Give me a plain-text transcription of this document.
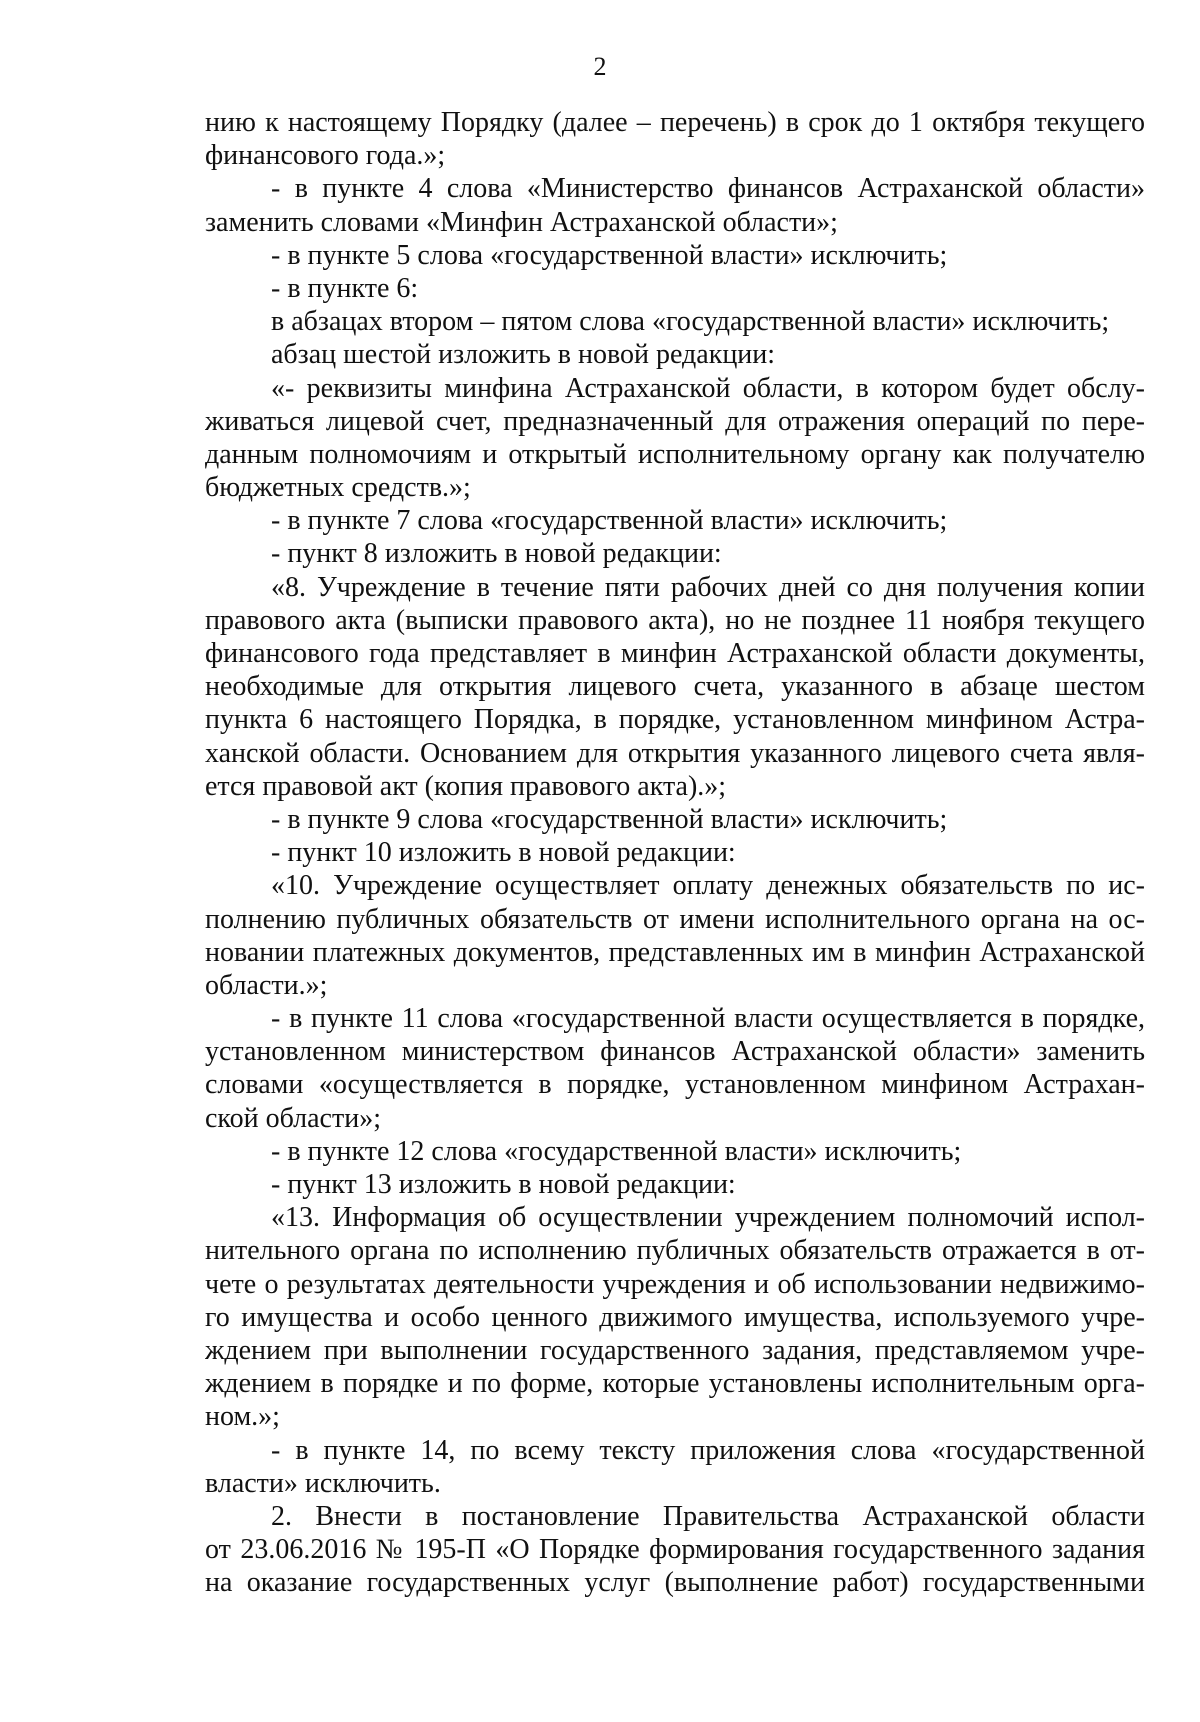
2
нию к настоящему Порядку (далее – перечень) в срок до 1 октября текущего
финансового года.»;
- в пункте 4 слова «Министерство финансов Астраханской области»
заменить словами «Минфин Астраханской области»;
- в пункте 5 слова «государственной власти» исключить;
- в пункте 6:
в абзацах втором – пятом слова «государственной власти» исключить;
абзац шестой изложить в новой редакции:
«- реквизиты минфина Астраханской области, в котором будет обслу-
живаться лицевой счет, предназначенный для отражения операций по пере-
данным полномочиям и открытый исполнительному органу как получателю
бюджетных средств.»;
- в пункте 7 слова «государственной власти» исключить;
- пункт 8 изложить в новой редакции:
«8. Учреждение в течение пяти рабочих дней со дня получения копии
правового акта (выписки правового акта), но не позднее 11 ноября текущего
финансового года представляет в минфин Астраханской области документы,
необходимые для открытия лицевого счета, указанного в абзаце шестом
пункта 6 настоящего Порядка, в порядке, установленном минфином Астра-
ханской области. Основанием для открытия указанного лицевого счета явля-
ется правовой акт (копия правового акта).»;
- в пункте 9 слова «государственной власти» исключить;
- пункт 10 изложить в новой редакции:
«10. Учреждение осуществляет оплату денежных обязательств по ис-
полнению публичных обязательств от имени исполнительного органа на ос-
новании платежных документов, представленных им в минфин Астраханской
области.»;
- в пункте 11 слова «государственной власти осуществляется в порядке,
установленном министерством финансов Астраханской области» заменить
словами «осуществляется в порядке, установленном минфином Астрахан-
ской области»;
- в пункте 12 слова «государственной власти» исключить;
- пункт 13 изложить в новой редакции:
«13. Информация об осуществлении учреждением полномочий испол-
нительного органа по исполнению публичных обязательств отражается в от-
чете о результатах деятельности учреждения и об использовании недвижимо-
го имущества и особо ценного движимого имущества, используемого учре-
ждением при выполнении государственного задания, представляемом учре-
ждением в порядке и по форме, которые установлены исполнительным орга-
ном.»;
- в пункте 14, по всему тексту приложения слова «государственной
власти» исключить.
2. Внести в постановление Правительства Астраханской области
от 23.06.2016 № 195-П «О Порядке формирования государственного задания
на оказание государственных услуг (выполнение работ) государственными
